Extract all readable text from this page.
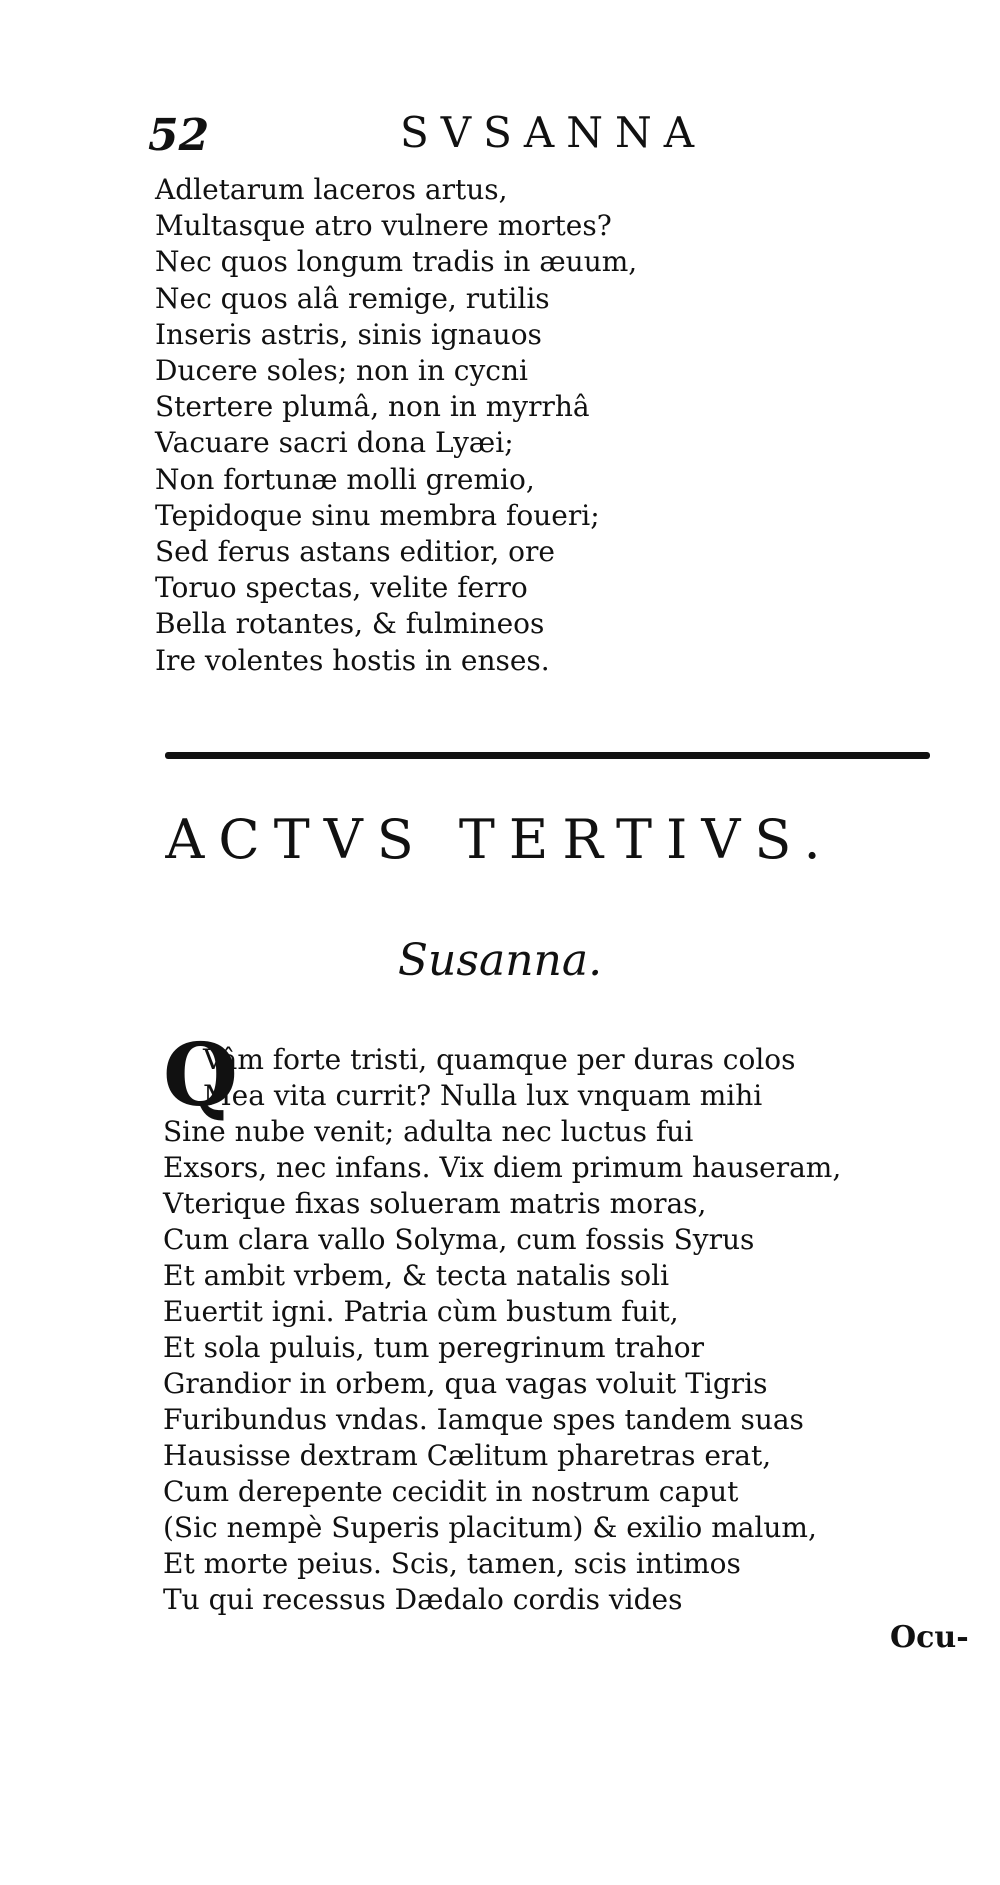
52	SVSANNA
Adletarum laceros artus,
Multasque atro vulnere mortes?
Nec quos longum tradis in æuum,
Nec quos alâ remige, rutilis
Inseris astris, sinis ignauos
Ducere soles; non in cycni
Stertere plumâ, non in myrrhâ
Vacuare sacri dona Lyæi;
Non fortunæ molli gremio,
Tepidoque sinu membra foueri;
Sed ferus astans editior, ore
Toruo spectas, velite ferro
Bella rotantes, & fulmineos
Ire volentes hostis in enses.
ACTVS TERTIVS.
Susanna.
Q
Vâm forte tristi, quamque per duras colos
Mea vita currit? Nulla lux vnquam mihi
Sine nube venit; adulta nec luctus fui
Exsors, nec infans. Vix diem primum hauseram,
Vterique fixas solueram matris moras,
Cum clara vallo Solyma, cum fossis Syrus
Et ambit vrbem, & tecta natalis soli
Euertit igni. Patria cùm bustum fuit,
Et sola puluis, tum peregrinum trahor
Grandior in orbem, qua vagas voluit Tigris
Furibundus vndas. Iamque spes tandem suas
Hausisse dextram Cælitum pharetras erat,
Cum derepente cecidit in nostrum caput
(Sic nempè Superis placitum) & exilio malum,
Et morte peius. Scis, tamen, scis intimos
Tu qui recessus Dædalo cordis vides
Ocu-
